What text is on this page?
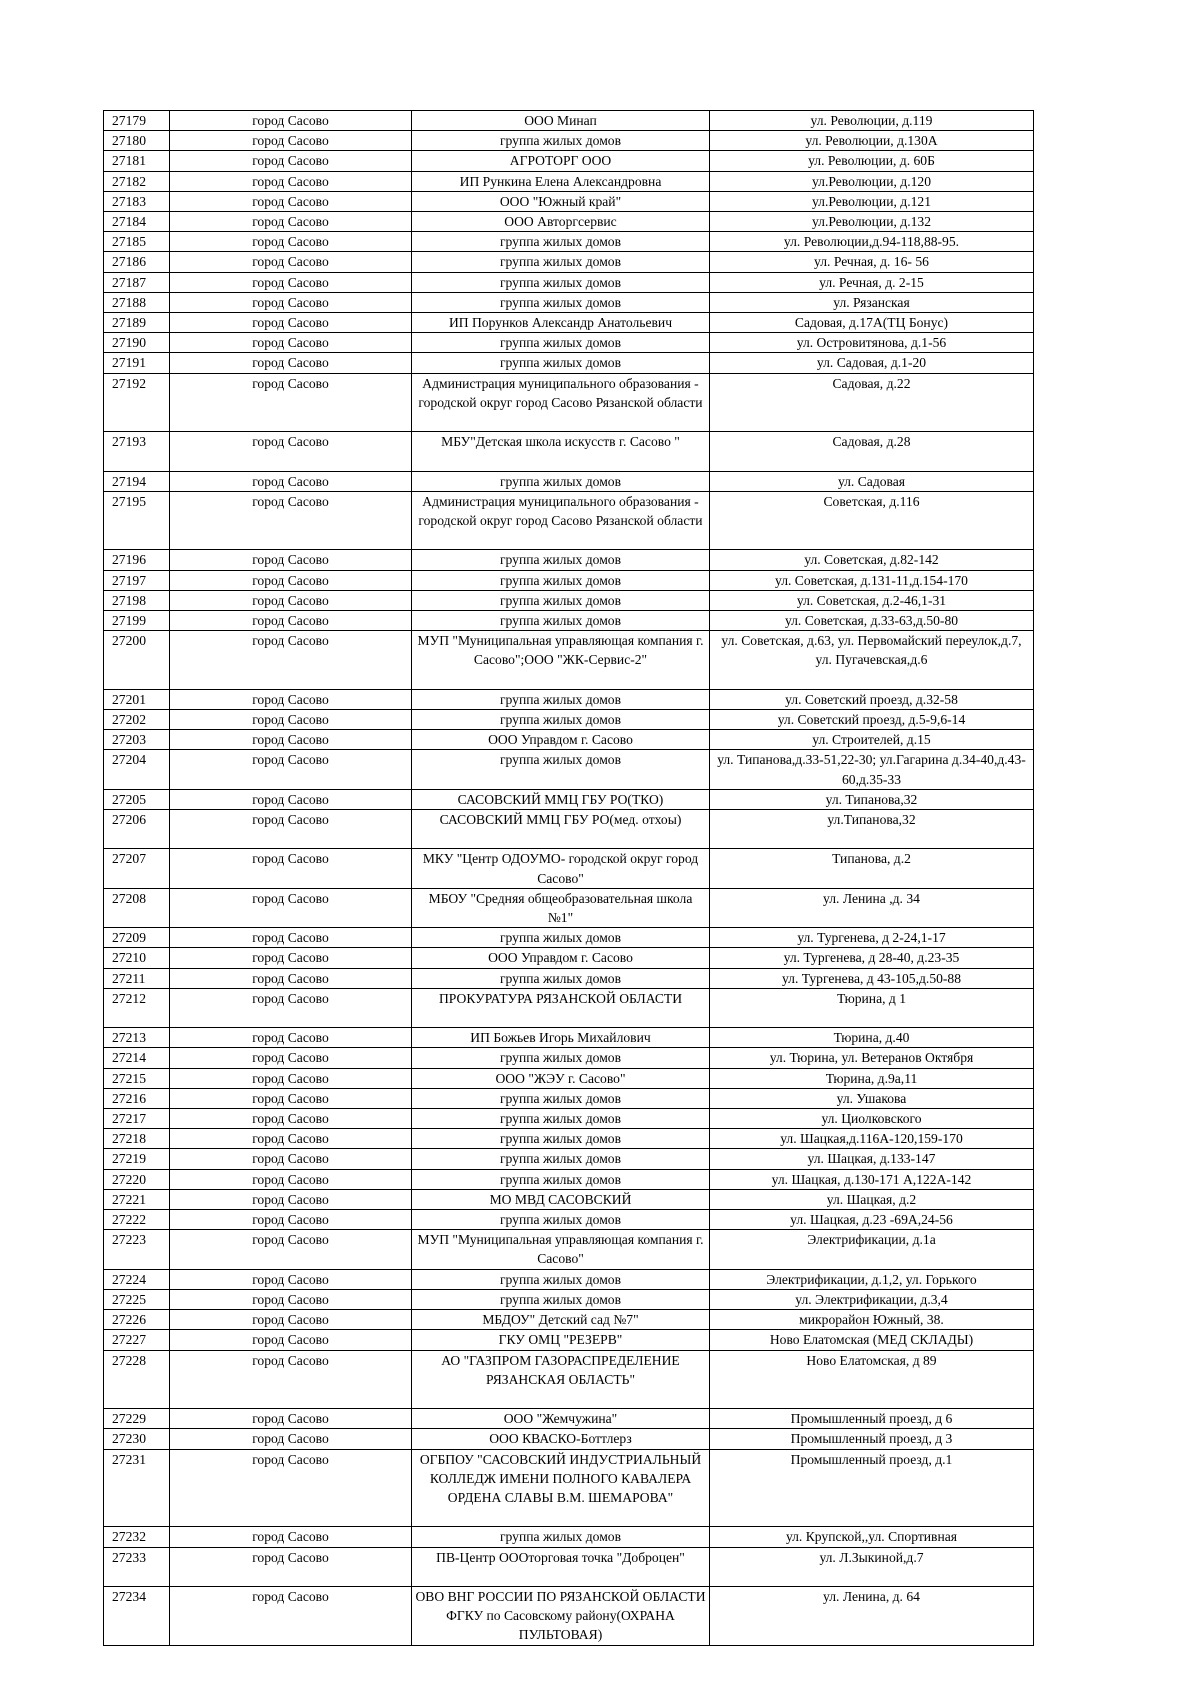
27179	город Сасово	ООО Минап	ул. Революции, д.119
27180	город Сасово	группа жилых домов	ул. Революции, д.130А
27181	город Сасово	АГРОТОРГ ООО	ул. Революции, д. 60Б
27182	город Сасово	ИП Рункина Елена Александровна	ул.Революции, д.120
27183	город Сасово	ООО "Южный край"	ул.Революции, д.121
27184	город Сасово	ООО Авторгсервис	ул.Революции, д.132
27185	город Сасово	группа жилых домов	ул. Революции,д.94-118,88-95.
27186	город Сасово	группа жилых домов	ул. Речная, д. 16- 56
27187	город Сасово	группа жилых домов	ул. Речная, д. 2-15
27188	город Сасово	группа жилых домов	ул. Рязанская
27189	город Сасово	ИП Порунков Александр Анатольевич	Садовая, д.17А(ТЦ Бонус)
27190	город Сасово	группа жилых домов	ул. Островитянова, д.1-56
27191	город Сасово	группа жилых домов	ул. Садовая, д.1-20
27192	город Сасово	Администрация муниципального образования - городской округ город Сасово Рязанской области	Садовая, д.22
27193	город Сасово	МБУ"Детская школа искусств г. Сасово "	Садовая, д.28
27194	город Сасово	группа жилых домов	ул. Садовая
27195	город Сасово	Администрация муниципального образования - городской округ город Сасово Рязанской области	Советская, д.116
27196	город Сасово	группа жилых домов	ул. Советская, д.82-142
27197	город Сасово	группа жилых домов	ул. Советская, д.131-11,д.154-170
27198	город Сасово	группа жилых домов	ул. Советская, д.2-46,1-31
27199	город Сасово	группа жилых домов	ул. Советская, д.33-63,д.50-80
27200	город Сасово	МУП "Муниципальная управляющая компания г. Сасово";ООО "ЖК-Сервис-2"	ул. Советская, д.63, ул. Первомайский переулок,д.7, ул. Пугачевская,д.6
27201	город Сасово	группа жилых домов	ул. Советский проезд, д.32-58
27202	город Сасово	группа жилых домов	ул. Советский проезд, д.5-9,6-14
27203	город Сасово	ООО Управдом г. Сасово	ул. Строителей, д.15
27204	город Сасово	группа жилых домов	ул. Типанова,д.33-51,22-30; ул.Гагарина д.34-40,д.43-60,д.35-33
27205	город Сасово	САСОВСКИЙ ММЦ ГБУ РО(ТКО)	ул. Типанова,32
27206	город Сасово	САСОВСКИЙ ММЦ ГБУ РО(мед. отхоы)	ул.Типанова,32
27207	город Сасово	МКУ "Центр ОДОУМО- городской округ город Сасово"	Типанова, д.2
27208	город Сасово	МБОУ "Средняя общеобразовательная школа №1"	ул. Ленина ,д. 34
27209	город Сасово	группа жилых домов	ул. Тургенева, д 2-24,1-17
27210	город Сасово	ООО Управдом г. Сасово	ул. Тургенева, д 28-40, д.23-35
27211	город Сасово	группа жилых домов	ул. Тургенева, д 43-105,д.50-88
27212	город Сасово	ПРОКУРАТУРА РЯЗАНСКОЙ ОБЛАСТИ	Тюрина, д 1
27213	город Сасово	ИП Божьев Игорь Михайлович	Тюрина, д.40
27214	город Сасово	группа жилых домов	ул. Тюрина, ул. Ветеранов Октября
27215	город Сасово	ООО "ЖЭУ г. Сасово"	Тюрина, д.9а,11
27216	город Сасово	группа жилых домов	ул. Ушакова
27217	город Сасово	группа жилых домов	ул. Циолковского
27218	город Сасово	группа жилых домов	ул. Шацкая,д.116А-120,159-170
27219	город Сасово	группа жилых домов	ул. Шацкая, д.133-147
27220	город Сасово	группа жилых домов	ул. Шацкая, д.130-171 А,122А-142
27221	город Сасово	МО МВД САСОВСКИЙ	ул. Шацкая, д.2
27222	город Сасово	группа жилых домов	ул. Шацкая, д.23 -69А,24-56
27223	город Сасово	МУП "Муниципальная управляющая компания г. Сасово"	Электрификации, д.1а
27224	город Сасово	группа жилых домов	Электрификации, д.1,2, ул. Горького
27225	город Сасово	группа жилых домов	ул. Электрификации, д.3,4
27226	город Сасово	МБДОУ" Детский сад №7"	микрорайон Южный, 38.
27227	город Сасово	ГКУ ОМЦ "РЕЗЕРВ"	Ново Елатомская (МЕД СКЛАДЫ)
27228	город Сасово	АО "ГАЗПРОМ ГАЗОРАСПРЕДЕЛЕНИЕ РЯЗАНСКАЯ ОБЛАСТЬ"	Ново Елатомская, д 89
27229	город Сасово	ООО "Жемчужина"	Промышленный проезд, д 6
27230	город Сасово	ООО КВАСКО-Боттлерз	Промышленный проезд, д 3
27231	город Сасово	ОГБПОУ "САСОВСКИЙ ИНДУСТРИАЛЬНЫЙ КОЛЛЕДЖ ИМЕНИ ПОЛНОГО КАВАЛЕРА ОРДЕНА СЛАВЫ В.М. ШЕМАРОВА"	Промышленный проезд, д.1
27232	город Сасово	группа жилых домов	ул. Крупской,,ул. Спортивная
27233	город Сасово	ПВ-Центр ОООторговая точка "Доброцен"	ул. Л.Зыкиной,д.7
27234	город Сасово	ОВО ВНГ РОССИИ ПО РЯЗАНСКОЙ ОБЛАСТИ ФГКУ по Сасовскому району(ОХРАНА ПУЛЬТОВАЯ)	ул. Ленина, д. 64
